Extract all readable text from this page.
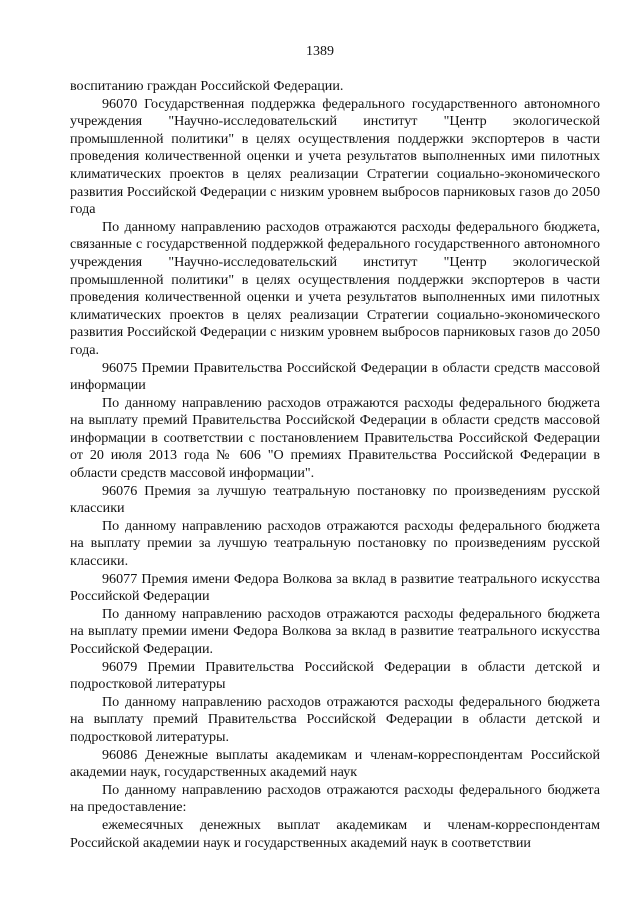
1389

воспитанию граждан Российской Федерации.

96070 Государственная поддержка федерального государственного автономного учреждения "Научно-исследовательский институт "Центр экологической промышленной политики" в целях осуществления поддержки экспортеров в части проведения количественной оценки и учета результатов выполненных ими пилотных климатических проектов в целях реализации Стратегии социально-экономического развития Российской Федерации с низким уровнем выбросов парниковых газов до 2050 года

По данному направлению расходов отражаются расходы федерального бюджета, связанные с государственной поддержкой федерального государственного автономного учреждения "Научно-исследовательский институт "Центр экологической промышленной политики" в целях осуществления поддержки экспортеров в части проведения количественной оценки и учета результатов выполненных ими пилотных климатических проектов в целях реализации Стратегии социально-экономического развития Российской Федерации с низким уровнем выбросов парниковых газов до 2050 года.

96075 Премии Правительства Российской Федерации в области средств массовой информации

По данному направлению расходов отражаются расходы федерального бюджета на выплату премий Правительства Российской Федерации в области средств массовой информации в соответствии с постановлением Правительства Российской Федерации от 20 июля 2013 года № 606 "О премиях Правительства Российской Федерации в области средств массовой информации".

96076 Премия за лучшую театральную постановку по произведениям русской классики

По данному направлению расходов отражаются расходы федерального бюджета на выплату премии за лучшую театральную постановку по произведениям русской классики.

96077 Премия имени Федора Волкова за вклад в развитие театрального искусства Российской Федерации

По данному направлению расходов отражаются расходы федерального бюджета на выплату премии имени Федора Волкова за вклад в развитие театрального искусства Российской Федерации.

96079 Премии Правительства Российской Федерации в области детской и подростковой литературы

По данному направлению расходов отражаются расходы федерального бюджета на выплату премий Правительства Российской Федерации в области детской и подростковой литературы.

96086 Денежные выплаты академикам и членам-корреспондентам Российской академии наук, государственных академий наук

По данному направлению расходов отражаются расходы федерального бюджета на предоставление:

ежемесячных денежных выплат академикам и членам-корреспондентам Российской академии наук и государственных академий наук в соответствии
